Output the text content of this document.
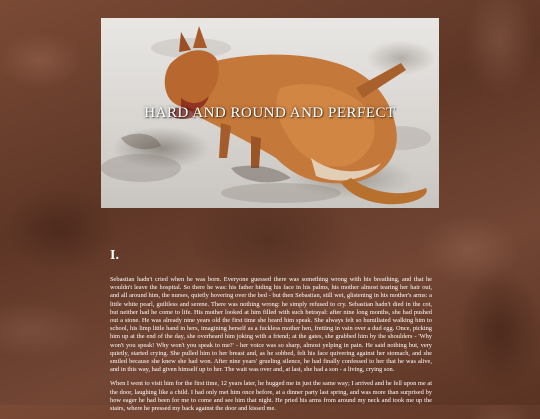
HARD AND ROUND AND PERFECT
I.

Sebastian hadn't cried when he was born. Everyone guessed there was something wrong with his breathing, and that he wouldn't leave the hospital. So there he was: his father hiding his face in his palms, his mother almost tearing her hair out, and all around him, the nurses, quietly hovering over the bed - but then Sebastian, still wet, glistening in his mother's arms: a little white pearl, guiltless and serene. There was nothing wrong: he simply refused to cry. Sebastian hadn't died in the cot, but neither had he come to life. His mother looked at him filled with such betrayal: after nine long months, she had pushed out a stone. He was already nine years old the first time she heard him speak. She always felt so humiliated walking him to school, his limp little hand in hers, imagining herself as a fuckless mother hen, fretting in vain over a dud egg. Once, picking him up at the end of the day, she overheard him joking with a friend; at the gates, she grabbed him by the shoulders - 'Why won't you speak! Why won't you speak to me?' - her voice was so sharp, almost yelping in pain. He said nothing but, very quietly, started crying. She pulled him to her breast and, as he sobbed, felt his face quivering against her stomach, and she smiled because she knew she had won. After nine years' grueling silence, he had finally confessed to her that he was alive, and in this way, had given himself up to her. The wait was over and, at last, she had a son - a living, crying son.

When I went to visit him for the first time, 12 years later, he hugged me in just the same way; I arrived and he fell upon me at the door, laughing like a child. I had only met him once before, at a dinner party last spring, and was more than surprised by how eager he had been for me to come and see him that night. He pried his arms from around my neck and took me up the stairs, where he pressed my back against the door and kissed me.
